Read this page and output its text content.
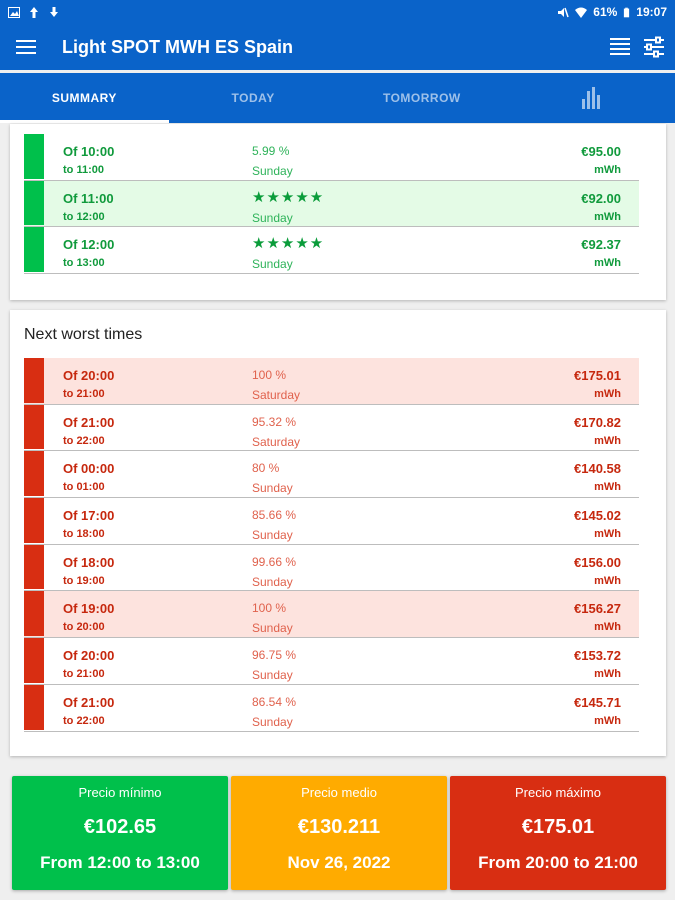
61% 19:07
Light SPOT MWH ES Spain
SUMMARY	TODAY	TOMORROW
Of 10:00
to 11:00
5.99 %
Sunday
€95.00
mWh
Of 11:00
to 12:00
★★★★★
Sunday
€92.00
mWh
Of 12:00
to 13:00
★★★★★
Sunday
€92.37
mWh
Next worst times
Of 20:00
to 21:00
100 %
Saturday
€175.01
mWh
Of 21:00
to 22:00
95.32 %
Saturday
€170.82
mWh
Of 00:00
to 01:00
80 %
Sunday
€140.58
mWh
Of 17:00
to 18:00
85.66 %
Sunday
€145.02
mWh
Of 18:00
to 19:00
99.66 %
Sunday
€156.00
mWh
Of 19:00
to 20:00
100 %
Sunday
€156.27
mWh
Of 20:00
to 21:00
96.75 %
Sunday
€153.72
mWh
Of 21:00
to 22:00
86.54 %
Sunday
€145.71
mWh
Precio mínimo
€102.65
From 12:00 to 13:00
Precio medio
€130.211
Nov 26, 2022
Precio máximo
€175.01
From 20:00 to 21:00
